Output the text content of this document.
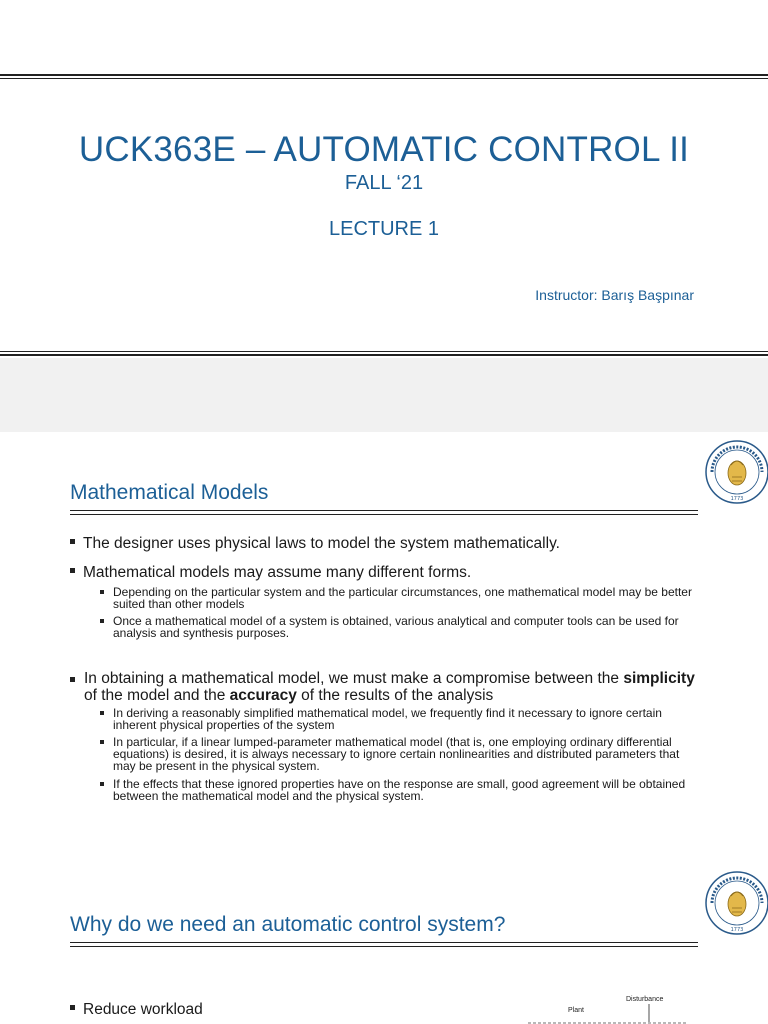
UCK363E – AUTOMATIC CONTROL II
FALL ‘21
LECTURE 1
Instructor: Barış Başpınar
1773
Mathematical Models
The designer uses physical laws to model the system mathematically.
Mathematical models may assume many different forms.
Depending on the particular system and the particular circumstances, one mathematical model may be better suited than other models
Once a mathematical model of a system is obtained, various analytical and computer tools can be used for analysis and synthesis purposes.
In obtaining a mathematical model, we must make a compromise between the simplicity of the model and the accuracy of the results of the analysis
In deriving a reasonably simplified mathematical model, we frequently find it necessary to ignore certain inherent physical properties of the system
In particular, if a linear lumped-parameter mathematical model (that is, one employing ordinary differential equations) is desired, it is always necessary to ignore certain nonlinearities and distributed parameters that may be present in the physical system.
If the effects that these ignored properties have on the response are small, good agreement will be obtained between the mathematical model and the physical system.
1773
Why do we need an automatic control system?
Reduce workload
Disturbance
Plant
